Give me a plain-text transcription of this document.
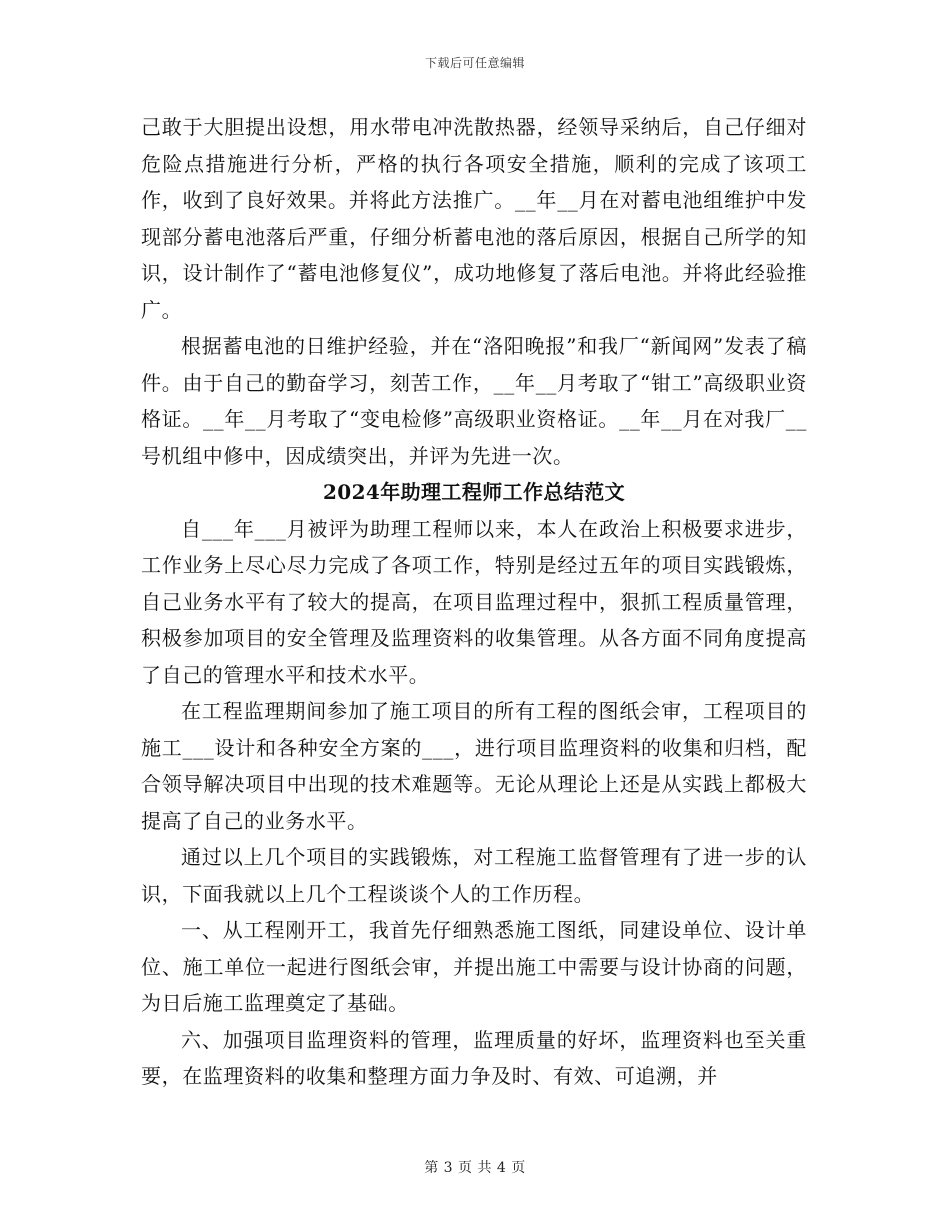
下载后可任意编辑

己敢于大胆提出设想，用水带电冲洗散热器，经领导采纳后，自己仔细对危险点措施进行分析，严格的执行各项安全措施，顺利的完成了该项工作，收到了良好效果。并将此方法推广。__年__月在对蓄电池组维护中发现部分蓄电池落后严重，仔细分析蓄电池的落后原因，根据自己所学的知识，设计制作了“蓄电池修复仪”，成功地修复了落后电池。并将此经验推广。

根据蓄电池的日维护经验，并在“洛阳晚报”和我厂“新闻网”发表了稿件。由于自己的勤奋学习，刻苦工作，__年__月考取了“钳工”高级职业资格证。__年__月考取了“变电检修”高级职业资格证。__年__月在对我厂__号机组中修中，因成绩突出，并评为先进一次。

2024年助理工程师工作总结范文

自___年___月被评为助理工程师以来，本人在政治上积极要求进步，工作业务上尽心尽力完成了各项工作，特别是经过五年的项目实践锻炼，自己业务水平有了较大的提高，在项目监理过程中，狠抓工程质量管理，积极参加项目的安全管理及监理资料的收集管理。从各方面不同角度提高了自己的管理水平和技术水平。

在工程监理期间参加了施工项目的所有工程的图纸会审，工程项目的施工___设计和各种安全方案的___，进行项目监理资料的收集和归档，配合领导解决项目中出现的技术难题等。无论从理论上还是从实践上都极大提高了自己的业务水平。

通过以上几个项目的实践锻炼，对工程施工监督管理有了进一步的认识，下面我就以上几个工程谈谈个人的工作历程。

一、从工程刚开工，我首先仔细熟悉施工图纸，同建设单位、设计单位、施工单位一起进行图纸会审，并提出施工中需要与设计协商的问题，为日后施工监理奠定了基础。

六、加强项目监理资料的管理，监理质量的好坏，监理资料也至关重要，在监理资料的收集和整理方面力争及时、有效、可追溯，并

第 3 页 共 4 页
